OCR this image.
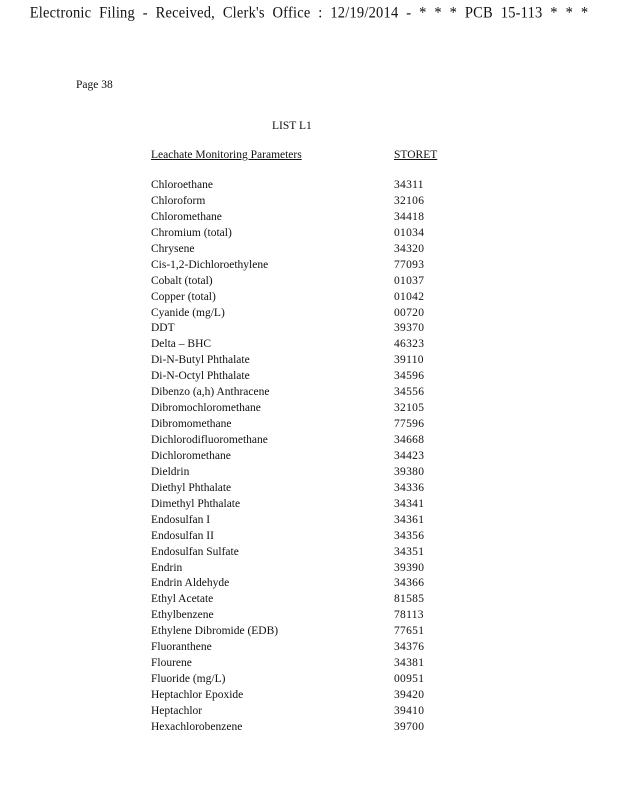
Electronic Filing - Received, Clerk's Office : 12/19/2014 - * * * PCB 15-113 * * *
Page 38
LIST L1
Leachate Monitoring Parameters	STORET
Chloroethane	34311
Chloroform	32106
Chloromethane	34418
Chromium (total)	01034
Chrysene	34320
Cis-1,2-Dichloroethylene	77093
Cobalt (total)	01037
Copper (total)	01042
Cyanide (mg/L)	00720
DDT	39370
Delta – BHC	46323
Di-N-Butyl Phthalate	39110
Di-N-Octyl Phthalate	34596
Dibenzo (a,h) Anthracene	34556
Dibromochloromethane	32105
Dibromomethane	77596
Dichlorodifluoromethane	34668
Dichloromethane	34423
Dieldrin	39380
Diethyl Phthalate	34336
Dimethyl Phthalate	34341
Endosulfan I	34361
Endosulfan II	34356
Endosulfan Sulfate	34351
Endrin	39390
Endrin Aldehyde	34366
Ethyl Acetate	81585
Ethylbenzene	78113
Ethylene Dibromide (EDB)	77651
Fluoranthene	34376
Flourene	34381
Fluoride (mg/L)	00951
Heptachlor Epoxide	39420
Heptachlor	39410
Hexachlorobenzene	39700
